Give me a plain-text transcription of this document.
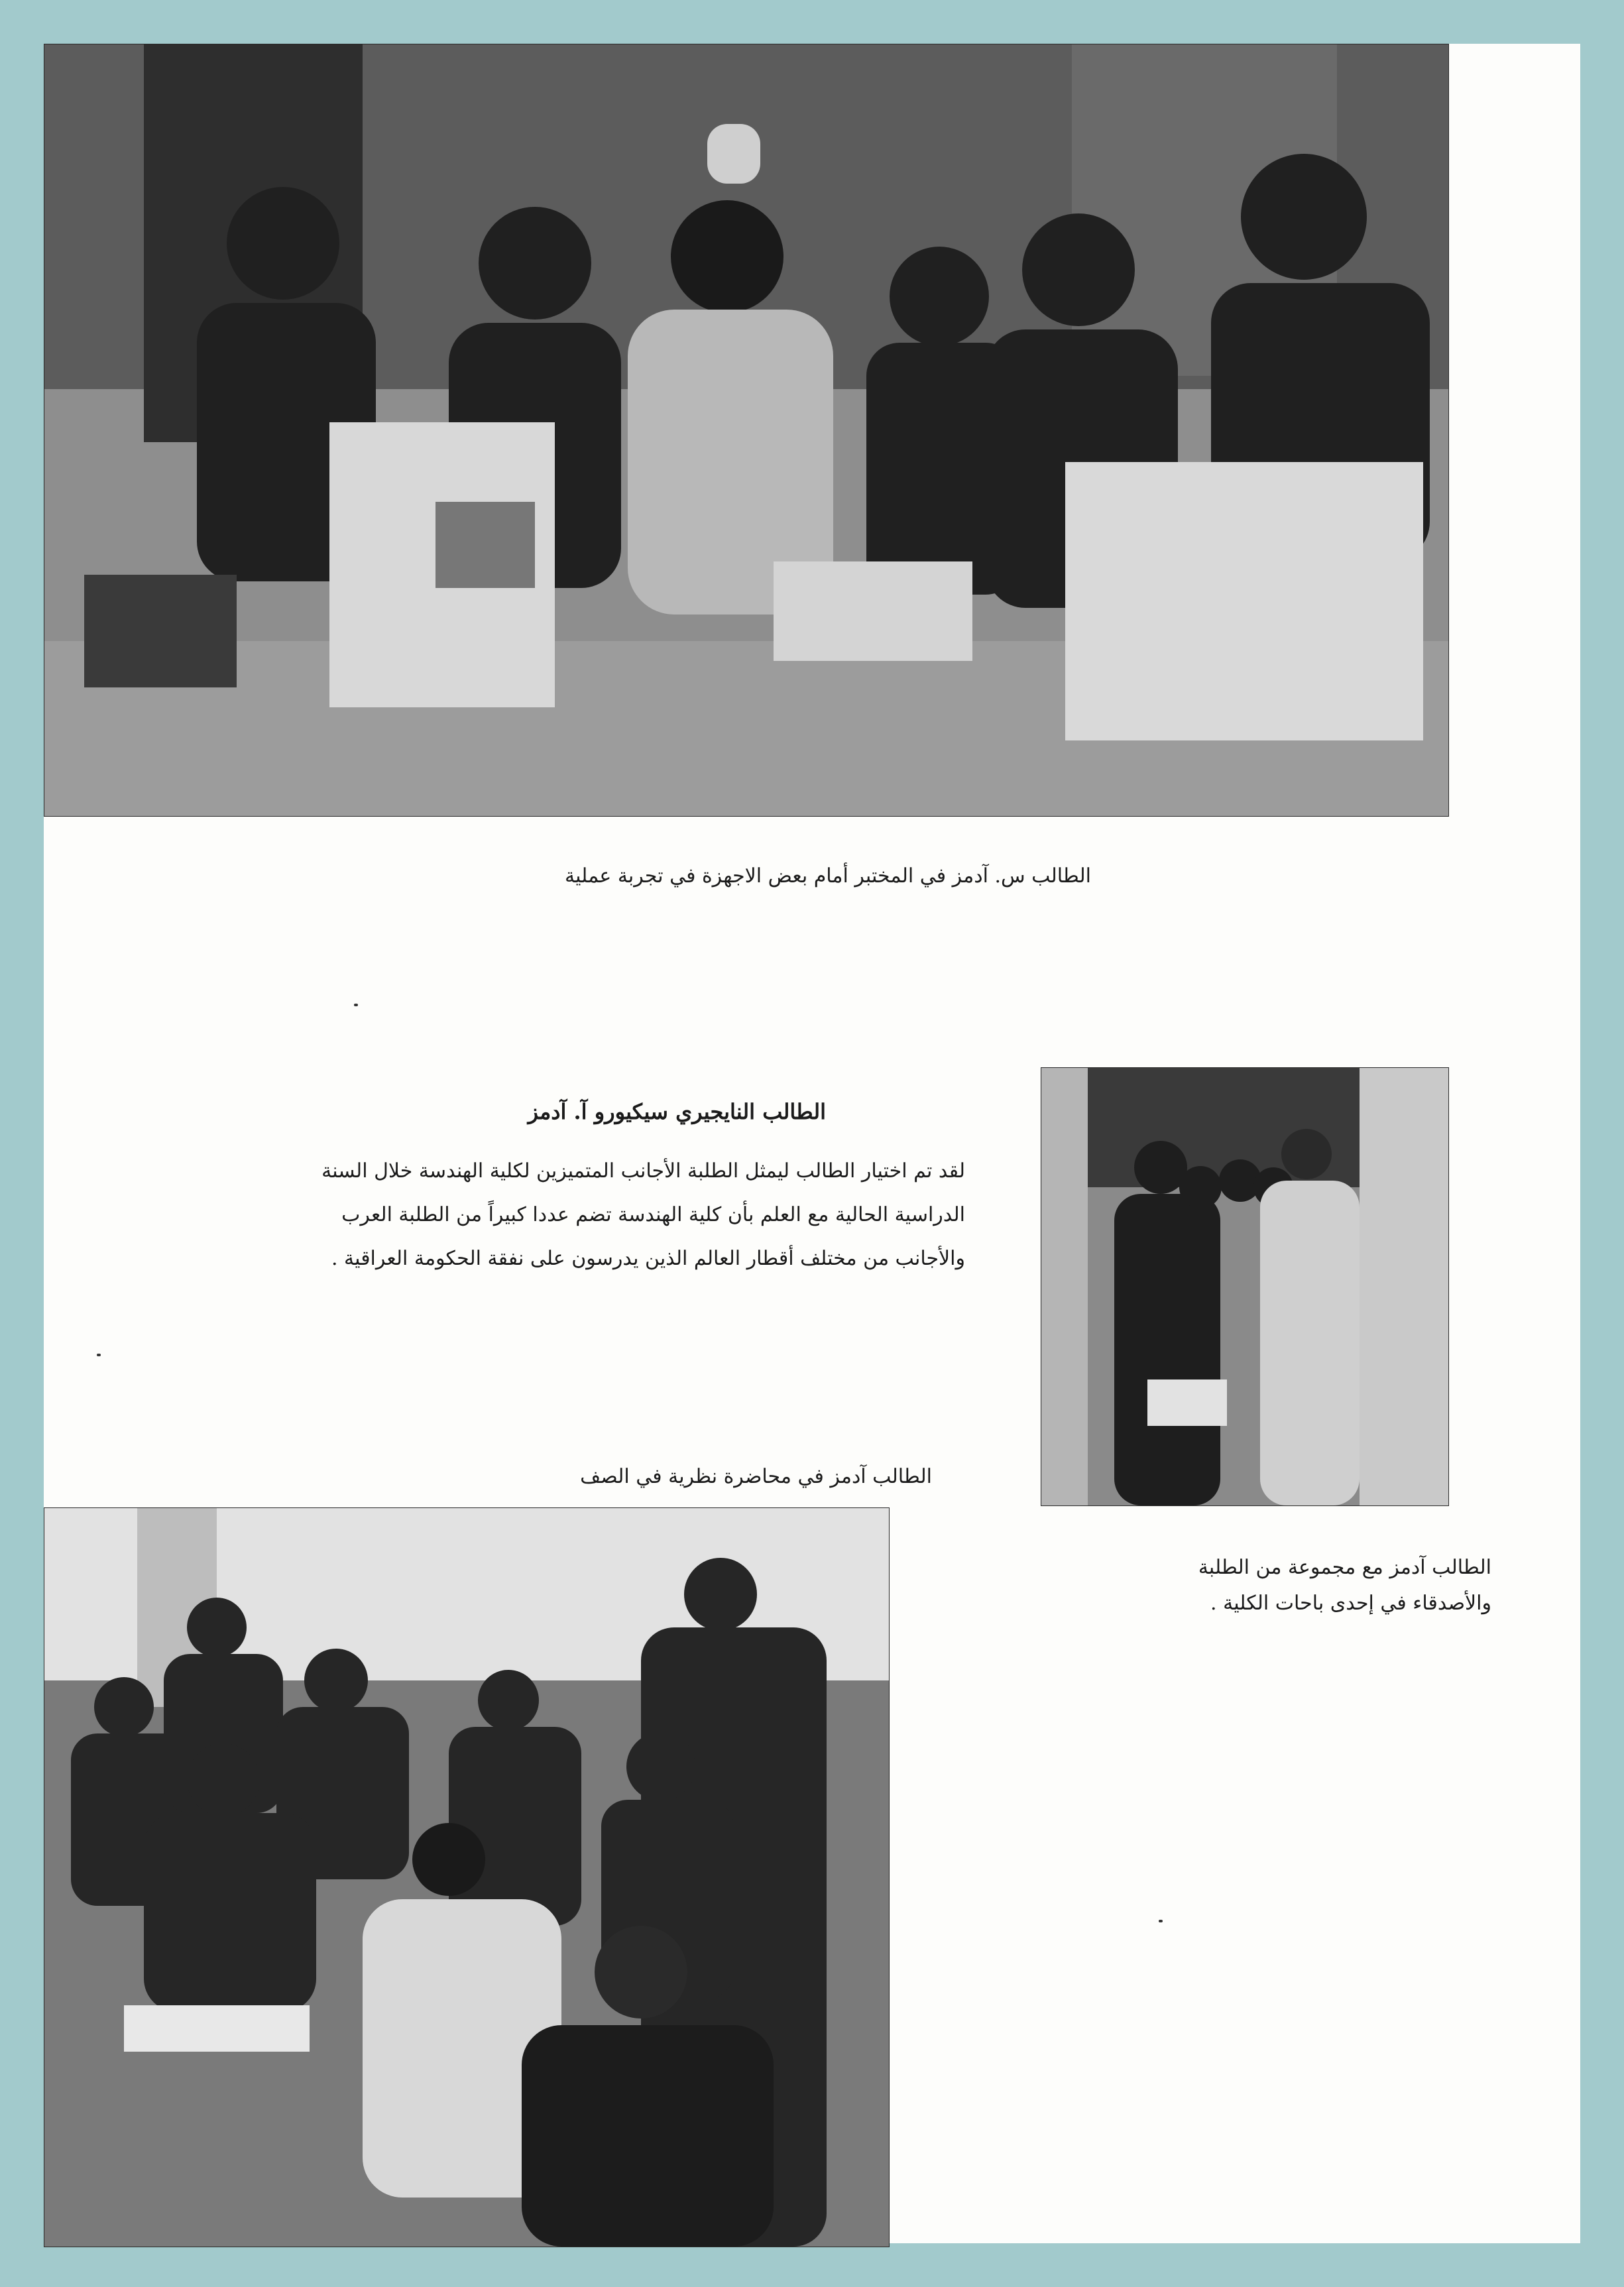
الطالب س. آدمز في المختبر أمام بعض الاجهزة في تجربة عملية
الطالب النايجيري سيكيورو آ. آدمز
لقد تم اختيار الطالب ليمثل الطلبة الأجانب المتميزين لكلية الهندسة خلال السنة
الدراسية الحالية مع العلم بأن كلية الهندسة تضم عددا كبيراً من الطلبة العرب
والأجانب من مختلف أقطار العالم الذين يدرسون على نفقة الحكومة العراقية .
الطالب آدمز مع مجموعة من الطلبة
والأصدقاء في إحدى باحات الكلية .
الطالب آدمز في محاضرة نظرية في الصف
